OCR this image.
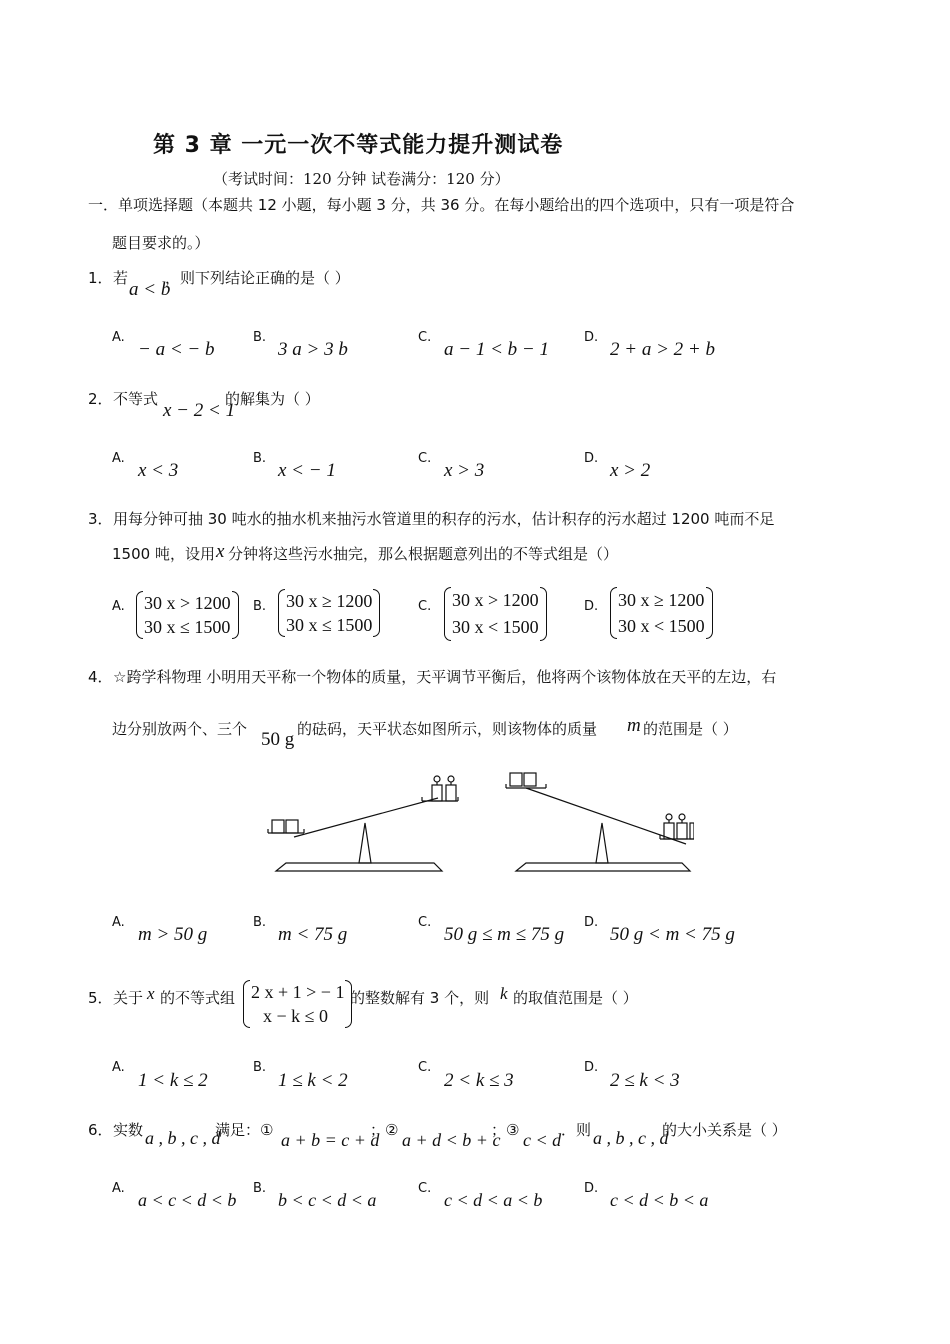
第 3 章 一元一次不等式能力提升测试卷
（考试时间：120 分钟 试卷满分：120 分）
一．单项选择题（本题共 12 小题，每小题 3 分，共 36 分。在每小题给出的四个选项中，只有一项是符合
题目要求的。）
1． 若
a < b
，则下列结论正确的是（ ）
A.
− a < − b
B.
3 a > 3 b
C.
a − 1 < b − 1
D.
2 + a > 2 + b
2． 不等式
x − 2 < 1
的解集为（ ）
A.
x < 3
B.
x < − 1
C.
x > 3
D.
x > 2
3． 用每分钟可抽 30 吨水的抽水机来抽污水管道里的积存的污水，估计积存的污水超过 1200 吨而不足
1500 吨，设用 x 分钟将这些污水抽完，那么根据题意列出的不等式组是（）
A. 30 x > 1200
30 x ≤ 1500
B. 30 x ≥ 1200
30 x ≤ 1500
C. 30 x > 1200
30 x < 1500
D. 30 x ≥ 1200
30 x < 1500
4． ☆跨学科物理 小明用天平称一个物体的质量，天平调节平衡后，他将两个该物体放在天平的左边，右
边分别放两个、三个 50 g 的砝码，天平状态如图所示，则该物体的质量 m 的范围是（ ）
A.
m > 50 g
B.
m < 75 g
C.
50 g ≤ m ≤ 75 g
D.
50 g < m < 75 g
5． 关于 x 的不等式组 2 x + 1 > − 1
x − k ≤ 0
的整数解有 3 个，则 k 的取值范围是（ ）
A.
1 < k ≤ 2
B.
1 ≤ k < 2
C.
2 < k ≤ 3
D.
2 ≤ k < 3
6． 实数 a , b , c , d
满足：① a + b = c + d
；② a + d < b + c
；③ c < d ．则 a , b , c , d
的大小关系是（ ）
A.
a < c < d < b
B.
b < c < d < a
C.
c < d < a < b
D.
c < d < b < a
